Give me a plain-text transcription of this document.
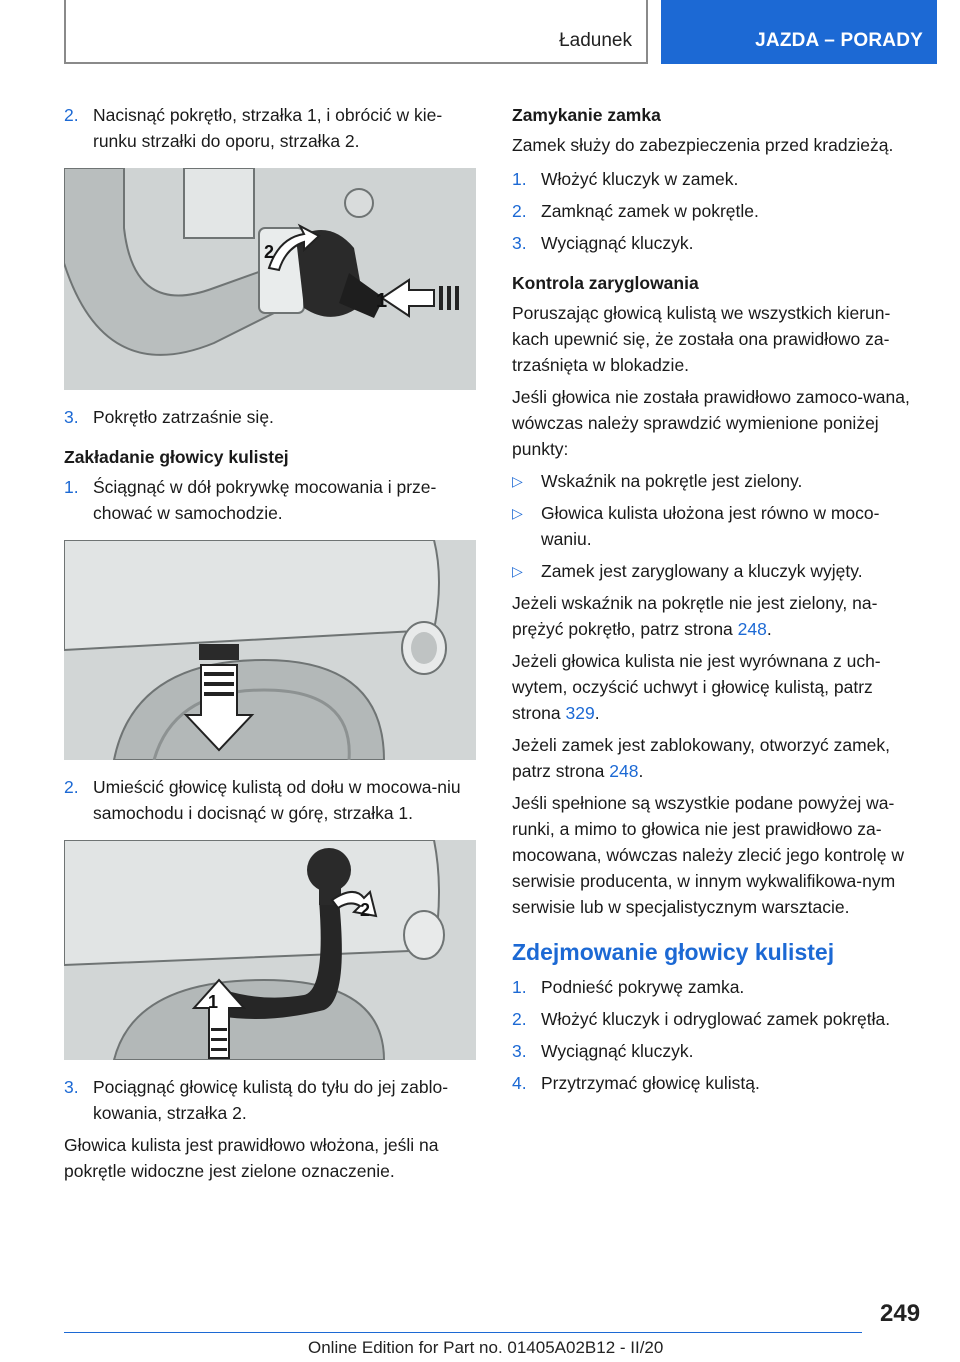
Ładunek	JAZDA – PORADY
2. Nacisnąć pokrętło, strzałka 1, i obrócić w kie-runku strzałki do oporu, strzałka 2.
1
2
3. Pokrętło zatrzaśnie się.
Zakładanie głowicy kulistej
1. Ściągnąć w dół pokrywkę mocowania i prze-chować w samochodzie.
2. Umieścić głowicę kulistą od dołu w mocowa-niu samochodu i docisnąć w górę, strzałka 1.
2
1
3. Pociągnąć głowicę kulistą do tyłu do jej zablo-kowania, strzałka 2.

Głowica kulista jest prawidłowo włożona, jeśli na pokrętle widoczne jest zielone oznaczenie.

Zamykanie zamka

Zamek służy do zabezpieczenia przed kradzieżą.

1. Włożyć kluczyk w zamek.
2. Zamknąć zamek w pokrętle.
3. Wyciągnąć kluczyk.
Kontrola zaryglowania

Poruszając głowicą kulistą we wszystkich kierun-kach upewnić się, że została ona prawidłowo za-trzaśnięta w blokadzie.

Jeśli głowica nie została prawidłowo zamoco-wana, wówczas należy sprawdzić wymienione poniżej punkty:

▷	Wskaźnik na pokrętle jest zielony.
▷	Głowica kulista ułożona jest równo w moco-waniu.
▷	Zamek jest zaryglowany a kluczyk wyjęty.

Jeżeli wskaźnik na pokrętle nie jest zielony, na-prężyć pokrętło, patrz strona 248.

Jeżeli głowica kulista nie jest wyrównana z uch-wytem, oczyścić uchwyt i głowicę kulistą, patrz strona 329.

Jeżeli zamek jest zablokowany, otworzyć zamek, patrz strona 248.

Jeśli spełnione są wszystkie podane powyżej wa-runki, a mimo to głowica nie jest prawidłowo za-mocowana, wówczas należy zlecić jego kontrolę w serwisie producenta, w innym wykwalifikowa-nym serwisie lub w specjalistycznym warsztacie.

Zdejmowanie głowicy kulistej
1. Podnieść pokrywę zamka.
2. Włożyć kluczyk i odryglować zamek pokrętła.
3. Wyciągnąć kluczyk.
4. Przytrzymać głowicę kulistą.
249
Online Edition for Part no. 01405A02B12 - II/20
